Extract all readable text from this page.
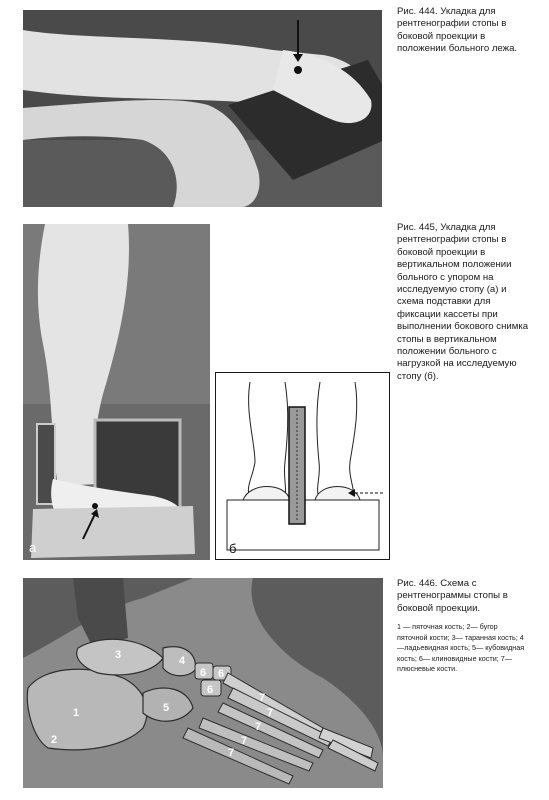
Рис. 444. Укладка для рентгенографии стопы в боковой проекции в положении больного лежа.
а	б
Рис. 445, Укладка для рентгенографии стопы в боковой проекции в вертикальном положении больного с упором на исследуемую стопу (а) и схема подставки для фиксации кассеты при выполнении бокового снимка стопы в вертикальном положении больного с нагрузкой на исследуемую стопу (б).
1
2
3	4
5
6
6
6
7
7
7
7
7
Рис. 446. Схема с рентгенограммы стопы в боковой проекции.
1 — пяточная кость; 2— бугор пяточной кости; 3— таранная кость; 4—ладьевидная кость; 5— кубовидная кость; 6— клиновидные кости; 7— плюсневые кости.
